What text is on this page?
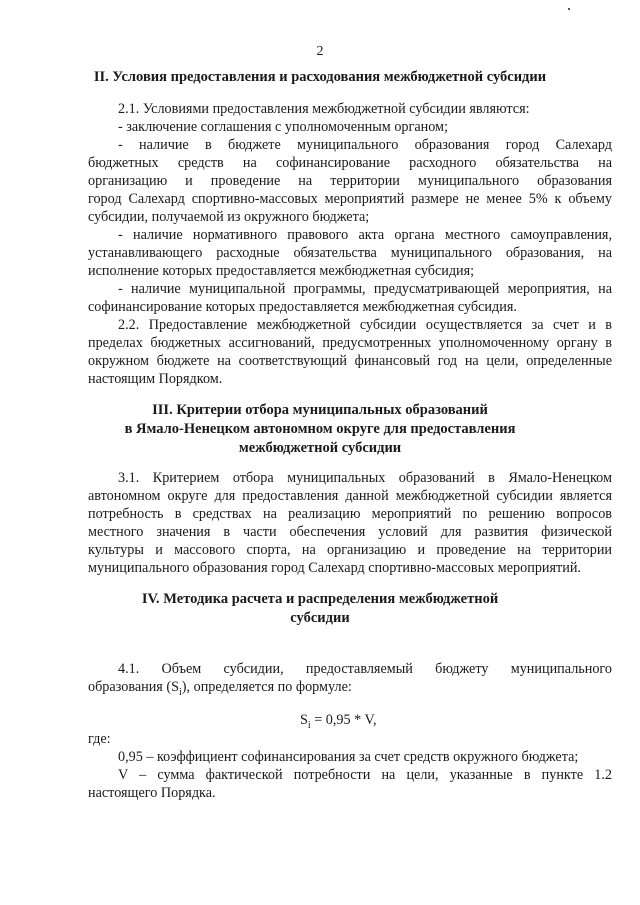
2
II. Условия предоставления и расходования межбюджетной субсидии
2.1. Условиями предоставления межбюджетной субсидии являются:
- заключение соглашения с уполномоченным органом;
- наличие в бюджете муниципального образования город Салехард
бюджетных средств на софинансирование расходного обязательства на
организацию и проведение на территории муниципального образования
город Салехард спортивно-массовых мероприятий размере не менее 5% к объему
субсидии, получаемой из окружного бюджета;
- наличие нормативного правового акта органа местного самоуправления,
устанавливающего расходные обязательства муниципального образования, на
исполнение которых предоставляется межбюджетная субсидия;
- наличие муниципальной программы, предусматривающей мероприятия, на
софинансирование которых предоставляется межбюджетная субсидия.
2.2. Предоставление межбюджетной субсидии осуществляется за счет и в
пределах бюджетных ассигнований, предусмотренных уполномоченному органу в
окружном бюджете на соответствующий финансовый год на цели, определенные
настоящим Порядком.
III. Критерии отбора муниципальных образований
в Ямало-Ненецком автономном округе для предоставления
межбюджетной субсидии
3.1. Критерием отбора муниципальных образований в Ямало-Ненецком
автономном округе для предоставления данной межбюджетной субсидии является
потребность в средствах на реализацию мероприятий по решению вопросов
местного значения в части обеспечения условий для развития физической
культуры и массового спорта, на организацию и проведение на территории
муниципального образования город Салехард спортивно-массовых мероприятий.
IV. Методика расчета и распределения межбюджетной
субсидии
4.1. Объем субсидии, предоставляемый бюджету муниципального
образования $(S_i)$, определяется по формуле:
$S_i = 0,95 * V$,
где:
0,95 – коэффициент софинансирования за счет средств окружного бюджета;
V – сумма фактической потребности на цели, указанные в пункте 1.2
настоящего Порядка.
